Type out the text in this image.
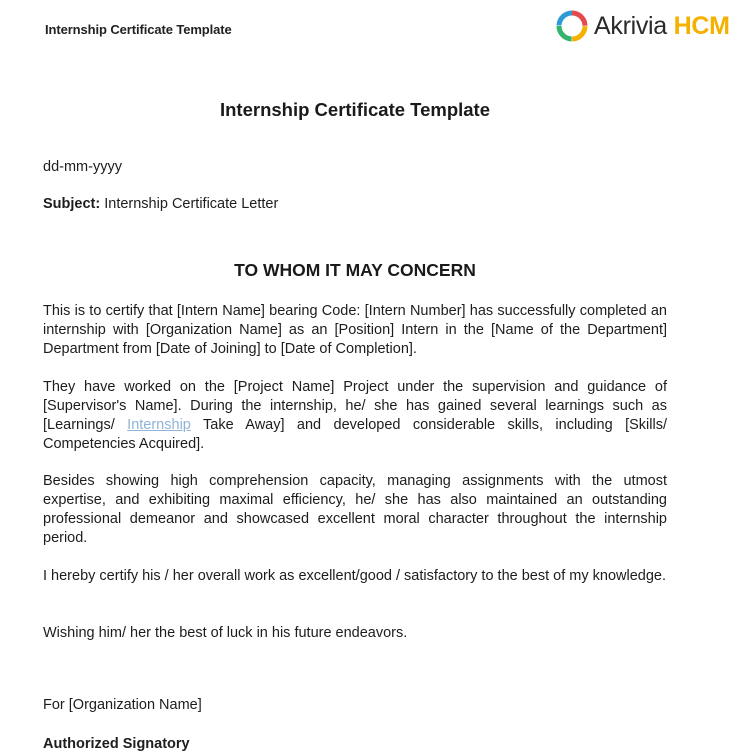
Internship Certificate Template	Akrivia HCM
Internship Certificate Template
dd-mm-yyyy
Subject: Internship Certificate Letter
TO WHOM IT MAY CONCERN

This is to certify that [Intern Name] bearing Code: [Intern Number] has successfully completed an internship with [Organization Name] as an [Position] Intern in the [Name of the Department] Department from [Date of Joining] to [Date of Completion].

They have worked on the [Project Name] Project under the supervision and guidance of [Supervisor's Name]. During the internship, he/ she has gained several learnings such as [Learnings/ Internship Take Away] and developed considerable skills, including [Skills/ Competencies Acquired].

Besides showing high comprehension capacity, managing assignments with the utmost expertise, and exhibiting maximal efficiency, he/ she has also maintained an outstanding professional demeanor and showcased excellent moral character throughout the internship period.

I hereby certify his / her overall work as excellent/good / satisfactory to the best of my knowledge.

Wishing him/ her the best of luck in his future endeavors.

For [Organization Name]
Authorized Signatory
